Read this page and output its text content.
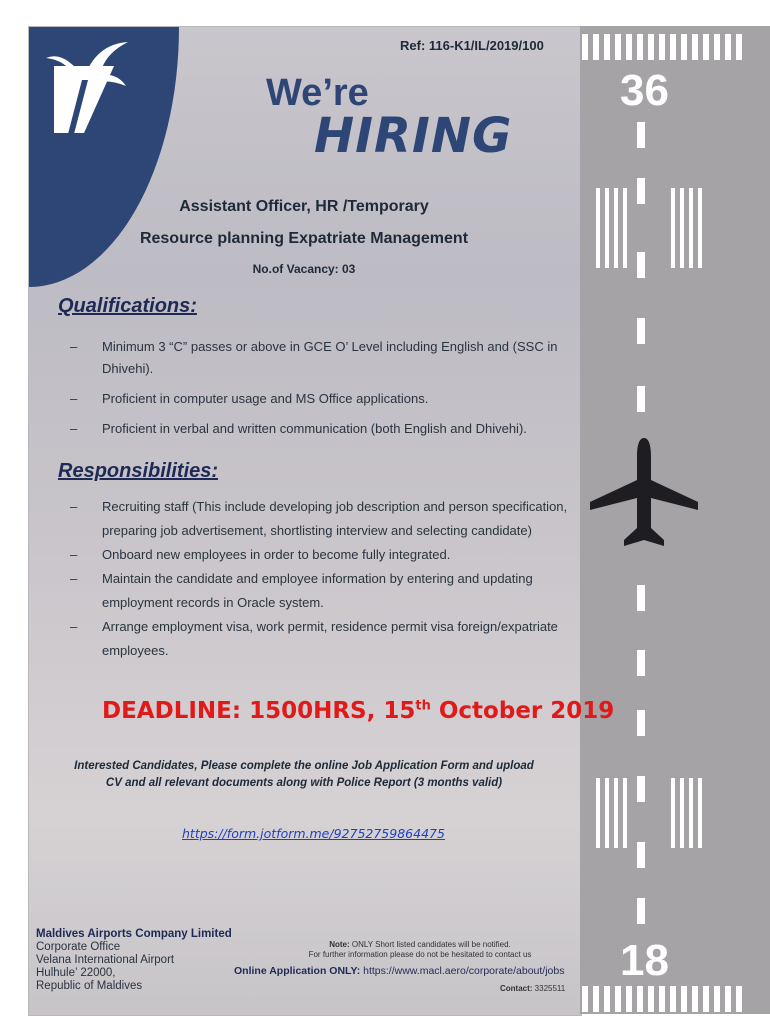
36
18
Ref: 116-K1/IL/2019/100
We’re
HIRING
Assistant Officer, HR /Temporary
Resource planning Expatriate Management
No.of Vacancy: 03
Qualifications:
– Minimum 3 “C” passes or above in GCE O’ Level including English and (SSC in Dhivehi).
– Proficient in computer usage and MS Office applications.
– Proficient in verbal and written communication (both English and Dhivehi).
Responsibilities:
– Recruiting staff (This include developing job description and person specification, preparing job advertisement, shortlisting interview and selecting candidate)
– Onboard new employees in order to become fully integrated.
– Maintain the candidate and employee information by entering and updating employment records in Oracle system.
– Arrange employment visa, work permit, residence permit visa foreign/expatriate employees.
DEADLINE: 1500HRS, 15th October 2019
Interested Candidates, Please complete the online Job Application Form and upload
CV and all relevant documents along with Police Report (3 months valid)
https://form.jotform.me/92752759864475
Maldives Airports Company Limited
Corporate Office
Velana International Airport
Hulhule’ 22000,
Republic of Maldives
Note: ONLY Short listed candidates will be notified.
For further information please do not be hesitated to contact us
Online Application ONLY: https://www.macl.aero/corporate/about/jobs
Contact: 3325511
